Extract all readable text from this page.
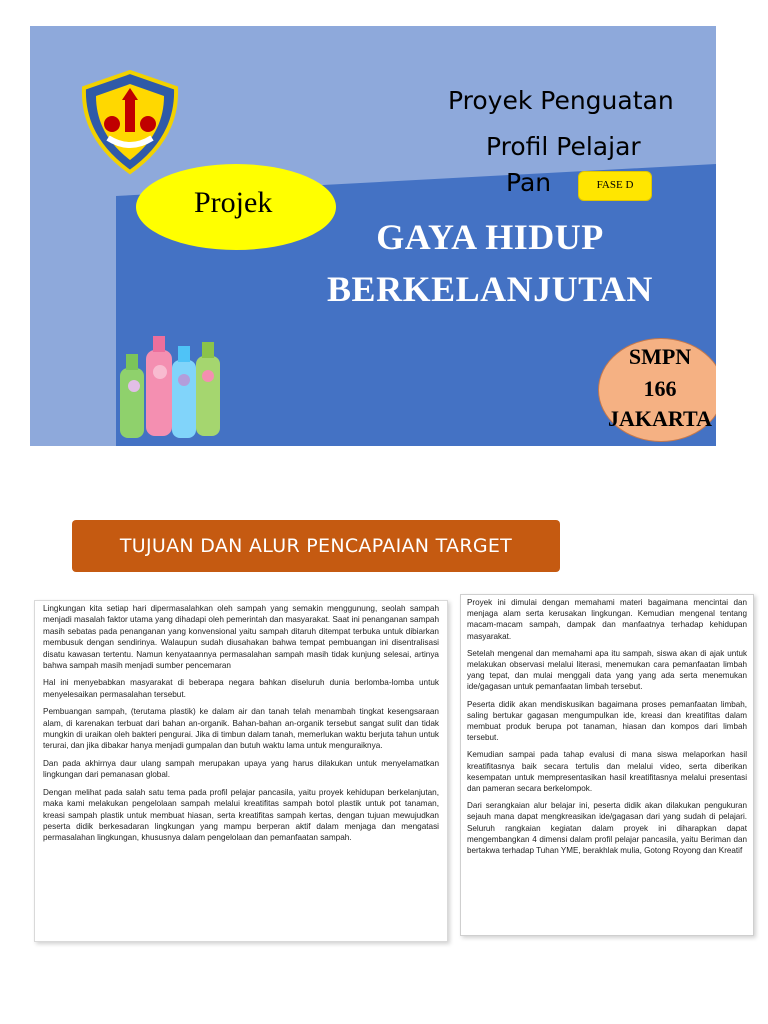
Proyek Penguatan
Profil Pelajar
Pan	FASE D
Projek
GAYA HIDUP
BERKELANJUTAN
SMPN
166
JAKARTA
TUJUAN DAN ALUR PENCAPAIAN TARGET

Lingkungan kita setiap hari dipermasalahkan oleh sampah yang semakin menggunung, seolah sampah menjadi masalah faktor utama yang dihadapi oleh pemerintah dan masyarakat. Saat ini penanganan sampah masih sebatas pada penanganan yang konvensional yaitu sampah ditaruh ditempat terbuka untuk dibiarkan membusuk dengan sendirinya. Walaupun sudah diusahakan bahwa tempat pembuangan ini disentralisasi disatu kawasan tertentu. Namun kenyataannya permasalahan sampah masih tidak kunjung selesai, artinya bahwa sampah masih menjadi sumber pencemaran

Hal ini menyebabkan masyarakat di beberapa negara bahkan diseluruh dunia berlomba-lomba untuk menyelesaikan permasalahan tersebut.

Pembuangan sampah, (terutama plastik) ke dalam air dan tanah telah menambah tingkat kesengsaraan alam, di karenakan terbuat dari bahan an-organik. Bahan-bahan an-organik tersebut sangat sulit dan tidak mungkin di uraikan oleh bakteri pengurai. Jika di timbun dalam tanah, memerlukan waktu berjuta tahun untuk terurai, dan jika dibakar hanya menjadi gumpalan dan butuh waktu lama untuk menguraiknya.

Dan pada akhirnya daur ulang sampah merupakan upaya yang harus dilakukan untuk menyelamatkan lingkungan dari pemanasan global.

Dengan melihat pada salah satu tema pada profil pelajar pancasila, yaitu proyek kehidupan berkelanjutan, maka kami melakukan pengelolaan sampah melalui kreatifitas sampah botol plastik untuk pot tanaman, kreasi sampah plastik untuk membuat hiasan, serta kreatifitas sampah kertas, dengan tujuan mewujudkan peserta didik berkesadaran lingkungan yang mampu berperan aktif dalam menjaga dan mengatasi permasalahan lingkungan, khususnya dalam pengelolaan dan pemanfaatan sampah.

Proyek ini dimulai dengan memahami materi bagaimana mencintai dan menjaga alam serta kerusakan lingkungan. Kemudian mengenal tentang macam-macam sampah, dampak dan manfaatnya terhadap kehidupan masyarakat.

Setelah mengenal dan memahami apa itu sampah, siswa akan di ajak untuk melakukan observasi melalui literasi, menemukan cara pemanfaatan limbah yang tepat, dan mulai menggali data yang yang ada serta menemukan ide/gagasan untuk pemanfaatan limbah tersebut.

Peserta didik akan mendiskusikan bagaimana proses pemanfaatan limbah, saling bertukar gagasan mengumpulkan ide, kreasi dan kreatifitas dalam membuat produk berupa pot tanaman, hiasan dan kompos dari limbah tersebut.

Kemudian sampai pada tahap evalusi di mana siswa melaporkan hasil kreatifitasnya baik secara tertulis dan melalui video, serta diberikan kesempatan untuk mempresentasikan hasil kreatifitasnya melalui presentasi dan pameran secara berkelompok.

Dari serangkaian alur belajar ini, peserta didik akan dilakukan pengukuran sejauh mana dapat mengkreasikan ide/gagasan dari yang sudah di pelajari. Seluruh rangkaian kegiatan dalam proyek ini diharapkan dapat mengembangkan 4 dimensi dalam profil pelajar pancasila, yaitu Beriman dan bertakwa terhadap Tuhan YME, berakhlak mulia, Gotong Royong dan Kreatif
